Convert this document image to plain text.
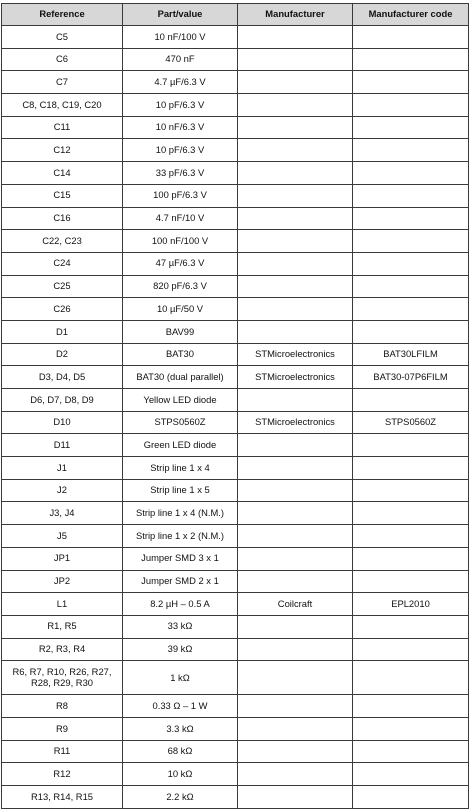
Reference	Part/value	Manufacturer	Manufacturer code
C5	10 nF/100 V		
C6	470 nF		
C7	4.7 µF/6.3 V		
C8, C18, C19, C20	10 pF/6.3 V		
C11	10 nF/6.3 V		
C12	10 pF/6.3 V		
C14	33 pF/6.3 V		
C15	100 pF/6.3 V		
C16	4.7 nF/10 V		
C22, C23	100 nF/100 V		
C24	47 µF/6.3 V		
C25	820 pF/6.3 V		
C26	10 µF/50 V		
D1	BAV99		
D2	BAT30	STMicroelectronics	BAT30LFILM
D3, D4, D5	BAT30 (dual parallel)	STMicroelectronics	BAT30-07P6FILM
D6, D7, D8, D9	Yellow LED diode		
D10	STPS0560Z	STMicroelectronics	STPS0560Z
D11	Green LED diode		
J1	Strip line 1 x 4		
J2	Strip line 1 x 5		
J3, J4	Strip line 1 x 4 (N.M.)		
J5	Strip line 1 x 2 (N.M.)		
JP1	Jumper SMD 3 x 1		
JP2	Jumper SMD 2 x 1		
L1	8.2 µH – 0.5 A	Coilcraft	EPL2010
R1, R5	33 kΩ		
R2, R3, R4	39 kΩ		
R6, R7, R10, R26, R27, R28, R29, R30	1 kΩ		
R8	0.33 Ω – 1 W		
R9	3.3 kΩ		
R11	68 kΩ		
R12	10 kΩ		
R13, R14, R15	2.2 kΩ		
